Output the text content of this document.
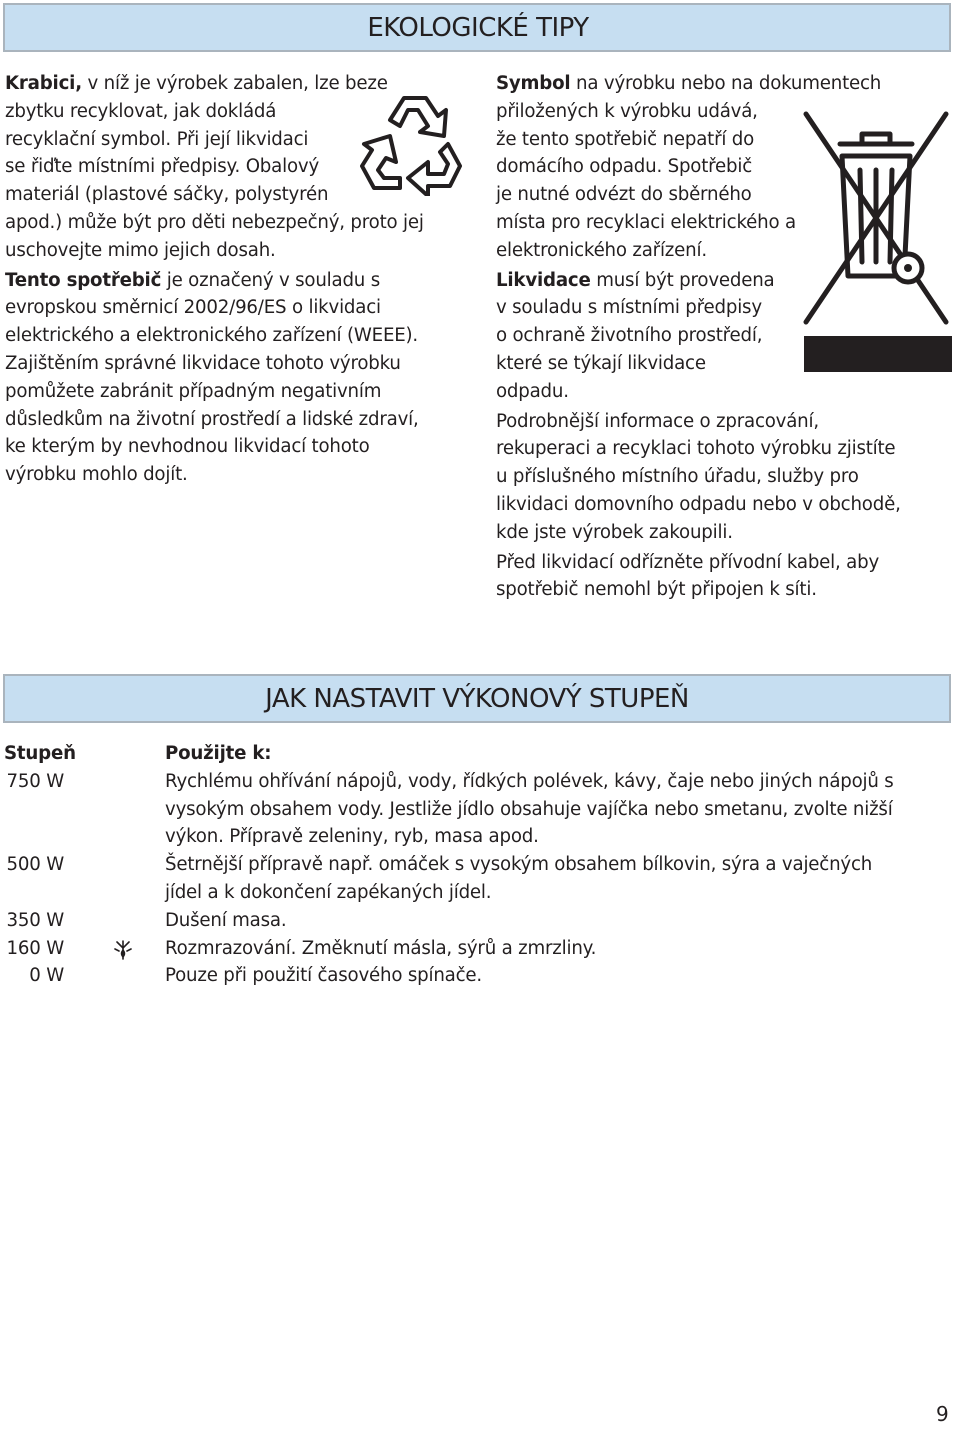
EKOLOGICKÉ TIPY

Krabici, v níž je výrobek zabalen, lze beze
zbytku recyklovat, jak dokládá
recyklační symbol. Při její likvidaci
se řiďte místními předpisy. Obalový
materiál (plastové sáčky, polystyrén
apod.) může být pro děti nebezpečný, proto jej
uschovejte mimo jejich dosah.

Tento spotřebič je označený v souladu s
evropskou směrnicí 2002/96/ES o likvidaci
elektrického a elektronického zařízení (WEEE).
Zajištěním správné likvidace tohoto výrobku
pomůžete zabránit případným negativním
důsledkům na životní prostředí a lidské zdraví,
ke kterým by nevhodnou likvidací tohoto
výrobku mohlo dojít.

Symbol na výrobku nebo na dokumentech
přiložených k výrobku udává,
že tento spotřebič nepatří do
domácího odpadu. Spotřebič
je nutné odvézt do sběrného
místa pro recyklaci elektrického a
elektronického zařízení.

Likvidace musí být provedena
v souladu s místními předpisy
o ochraně životního prostředí,
které se týkají likvidace
odpadu.

Podrobnější informace o zpracování,
rekuperaci a recyklaci tohoto výrobku zjistíte
u příslušného místního úřadu, služby pro
likvidaci domovního odpadu nebo v obchodě,
kde jste výrobek zakoupili.

Před likvidací odřízněte přívodní kabel, aby
spotřebič nemohl být připojen k síti.

JAK NASTAVIT VÝKONOVÝ STUPEŇ
Stupeň	Použijte k:
750 W	Rychlému ohřívání nápojů, vody, řídkých polévek, kávy, čaje nebo jiných nápojů s
vysokým obsahem vody. Jestliže jídlo obsahuje vajíčka nebo smetanu, zvolte nižší
výkon. Přípravě zeleniny, ryb, masa apod.
500 W	Šetrnější přípravě např. omáček s vysokým obsahem bílkovin, sýra a vaječných
jídel a k dokončení zapékaných jídel.
350 W	Dušení masa.
160 W	Rozmrazování. Změknutí másla, sýrů a zmrzliny.
0 W	Pouze při použití časového spínače.
9
